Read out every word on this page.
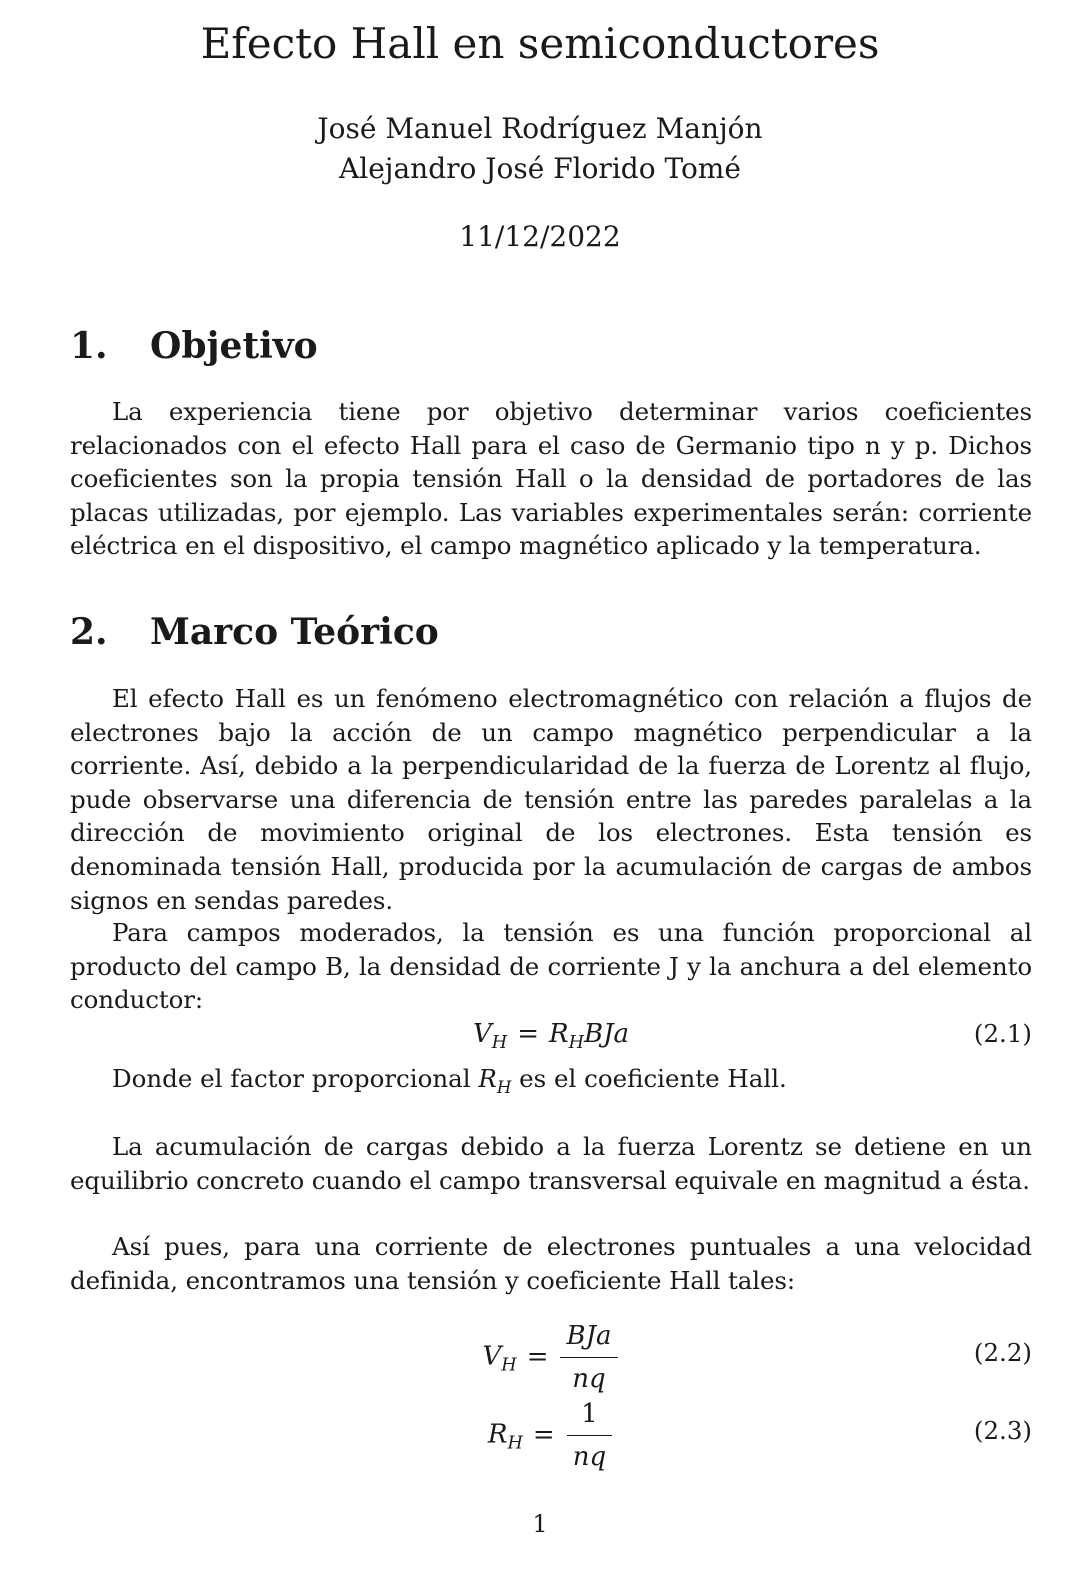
Efecto Hall en semiconductores
José Manuel Rodríguez Manjón
Alejandro José Florido Tomé
11/12/2022
1. Objetivo
La experiencia tiene por objetivo determinar varios coeficientes relacionados con el efecto Hall para el caso de Germanio tipo n y p. Dichos coeficientes son la propia tensión Hall o la densidad de portadores de las placas utilizadas, por ejemplo. Las variables experimentales serán: corriente eléctrica en el dispositivo, el campo magnético aplicado y la temperatura.
2. Marco Teórico
El efecto Hall es un fenómeno electromagnético con relación a flujos de electrones bajo la acción de un campo magnético perpendicular a la corriente. Así, debido a la perpendicularidad de la fuerza de Lorentz al flujo, pude observarse una diferencia de tensión entre las paredes paralelas a la dirección de movimiento original de los electrones. Esta tensión es denominada tensión Hall, producida por la acumulación de cargas de ambos signos en sendas paredes.
Para campos moderados, la tensión es una función proporcional al producto del campo B, la densidad de corriente J y la anchura a del elemento conductor:
$V_H = R_HBJa$	(2.1)
Donde el factor proporcional $R_H$ es el coeficiente Hall.
La acumulación de cargas debido a la fuerza Lorentz se detiene en un equilibrio concreto cuando el campo transversal equivale en magnitud a ésta.
Así pues, para una corriente de electrones puntuales a una velocidad definida, encontramos una tensión y coeficiente Hall tales:
$V_H = \frac{\text{BJa}}{nq}$	(2.2)
$R_H = \frac{1}{nq}$	(2.3)
1
